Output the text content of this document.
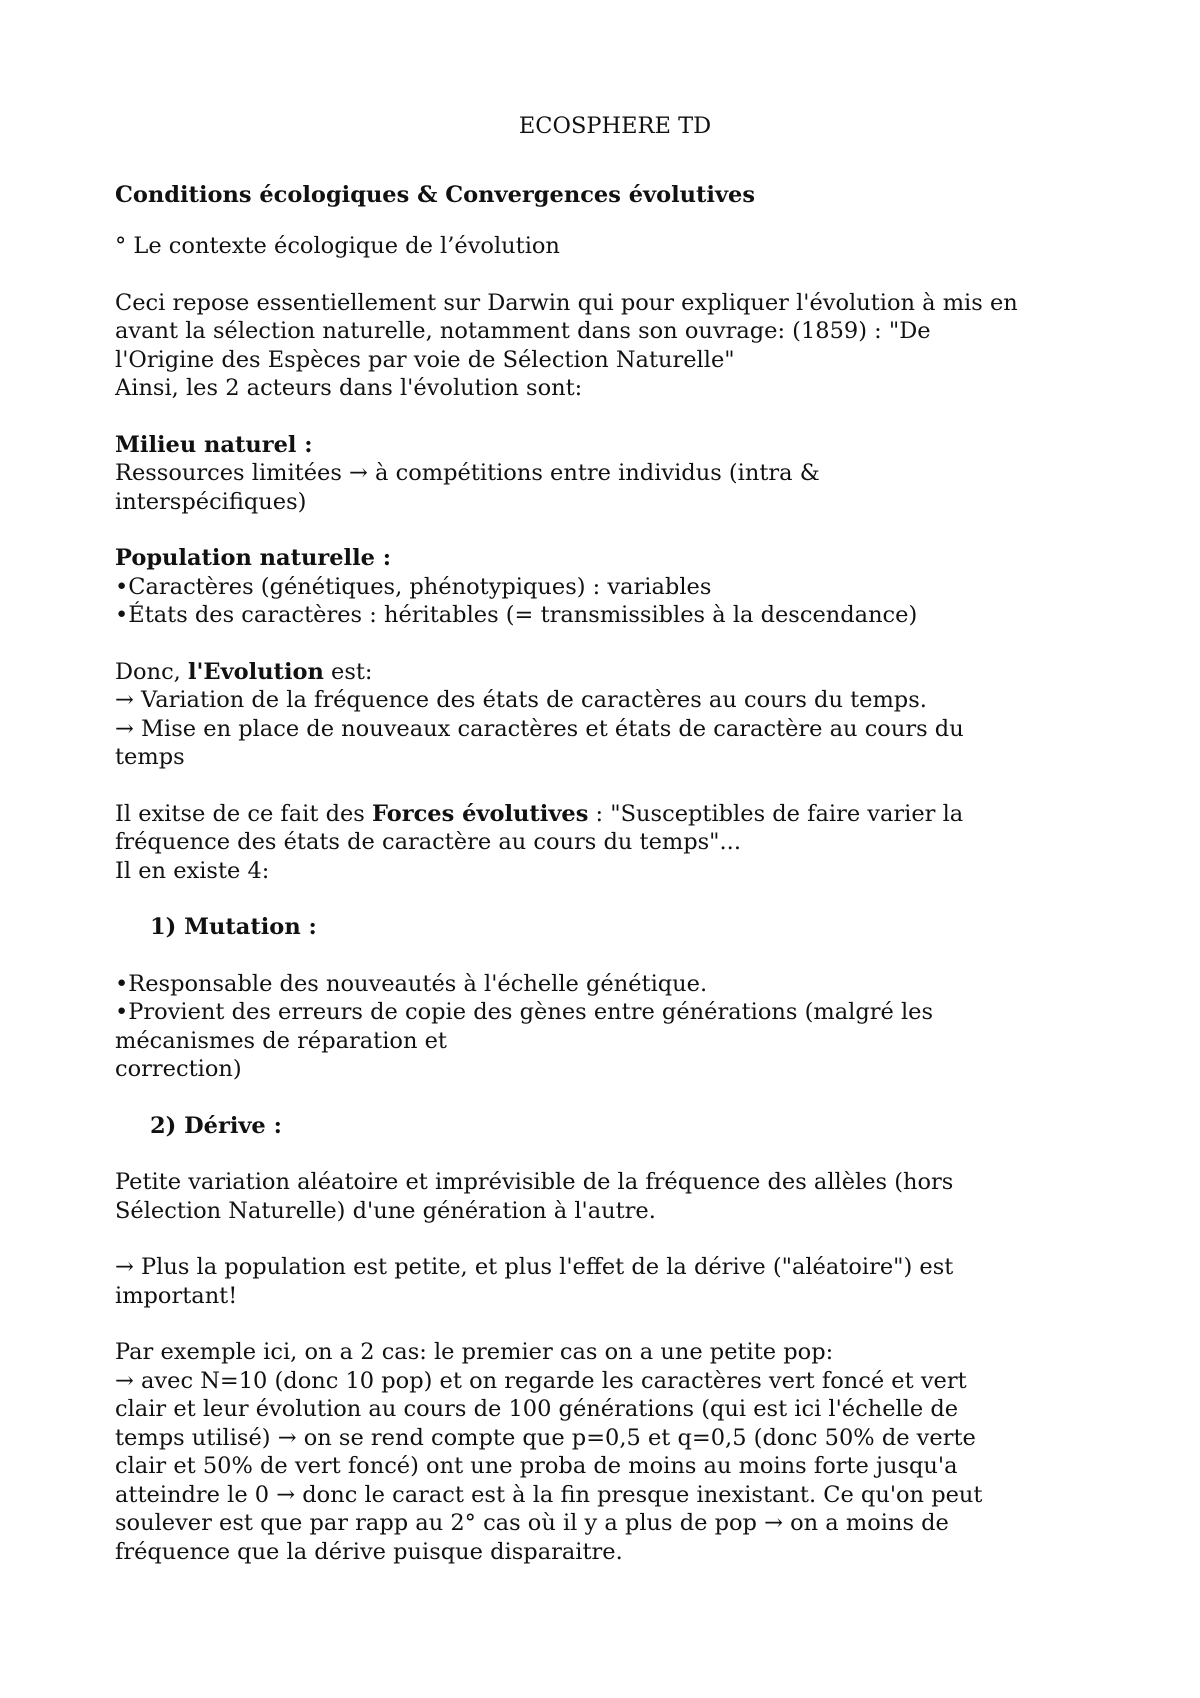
ECOSPHERE TD
Conditions écologiques & Convergences évolutives

° Le contexte écologique de l’évolution

Ceci repose essentiellement sur Darwin qui pour expliquer l'évolution à mis en
avant la sélection naturelle, notamment dans son ouvrage: (1859) : "De
l'Origine des Espèces par voie de Sélection Naturelle"
Ainsi, les 2 acteurs dans l'évolution sont:

Milieu naturel :
Ressources limitées → à compétitions entre individus (intra &
interspécifiques)
Population naturelle :
•Caractères (génétiques, phénotypiques) : variables
•États des caractères : héritables (= transmissibles à la descendance)
Donc, l'Evolution est:
→ Variation de la fréquence des états de caractères au cours du temps.
→ Mise en place de nouveaux caractères et états de caractère au cours du
temps
Il exitse de ce fait des Forces évolutives : "Susceptibles de faire varier la
fréquence des états de caractère au cours du temps"...
Il en existe 4:
1) Mutation :
•Responsable des nouveautés à l'échelle génétique.
•Provient des erreurs de copie des gènes entre générations (malgré les
mécanismes de réparation et
correction)
2) Dérive :
Petite variation aléatoire et imprévisible de la fréquence des allèles (hors
Sélection Naturelle) d'une génération à l'autre.
→ Plus la population est petite, et plus l'effet de la dérive ("aléatoire") est
important!
Par exemple ici, on a 2 cas: le premier cas on a une petite pop:
→ avec N=10 (donc 10 pop) et on regarde les caractères vert foncé et vert
clair et leur évolution au cours de 100 générations (qui est ici l'échelle de
temps utilisé) → on se rend compte que p=0,5 et q=0,5 (donc 50% de verte
clair et 50% de vert foncé) ont une proba de moins au moins forte jusqu'a
atteindre le 0 → donc le caract est à la fin presque inexistant. Ce qu'on peut
soulever est que par rapp au 2° cas où il y a plus de pop → on a moins de
fréquence que la dérive puisque disparaitre.
